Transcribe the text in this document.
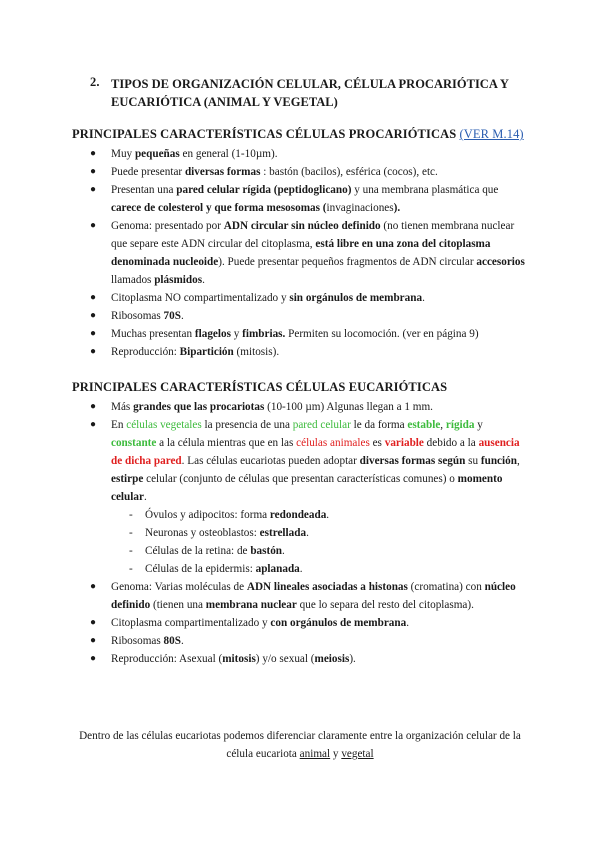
2. TIPOS DE ORGANIZACIÓN CELULAR, CÉLULA PROCARIÓTICA Y EUCARIÓTICA (ANIMAL Y VEGETAL)
PRINCIPALES CARACTERÍSTICAS CÉLULAS PROCARIÓTICAS (VER M.14)
● Muy pequeñas en general (1-10µm).
● Puede presentar diversas formas : bastón (bacilos), esférica (cocos), etc.
● Presentan una pared celular rígida (peptidoglicano) y una membrana plasmática que carece de colesterol y que forma mesosomas (invaginaciones).
● Genoma: presentado por ADN circular sin núcleo definido (no tienen membrana nuclear que separe este ADN circular del citoplasma, está libre en una zona del citoplasma denominada nucleoide). Puede presentar pequeños fragmentos de ADN circular accesorios llamados plásmidos.
● Citoplasma NO compartimentalizado y sin orgánulos de membrana.
● Ribosomas 70S.
● Muchas presentan flagelos y fimbrias. Permiten su locomoción. (ver en página 9)
● Reproducción: Bipartición (mitosis).
PRINCIPALES CARACTERÍSTICAS CÉLULAS EUCARIÓTICAS
● Más grandes que las procariotas (10-100 µm) Algunas llegan a 1 mm.
● En células vegetales la presencia de una pared celular le da forma estable, rígida y constante a la célula mientras que en las células animales es variable debido a la ausencia de dicha pared. Las células eucariotas pueden adoptar diversas formas según su función, estirpe celular (conjunto de células que presentan características comunes) o momento celular.
- Óvulos y adipocitos: forma redondeada.
- Neuronas y osteoblastos: estrellada.
- Células de la retina: de bastón.
- Células de la epidermis: aplanada.
● Genoma: Varias moléculas de ADN lineales asociadas a histonas (cromatina) con núcleo definido (tienen una membrana nuclear que lo separa del resto del citoplasma).
● Citoplasma compartimentalizado y con orgánulos de membrana.
● Ribosomas 80S.
● Reproducción: Asexual (mitosis) y/o sexual (meiosis).
Dentro de las células eucariotas podemos diferenciar claramente entre la organización celular de la célula eucariota animal y vegetal
